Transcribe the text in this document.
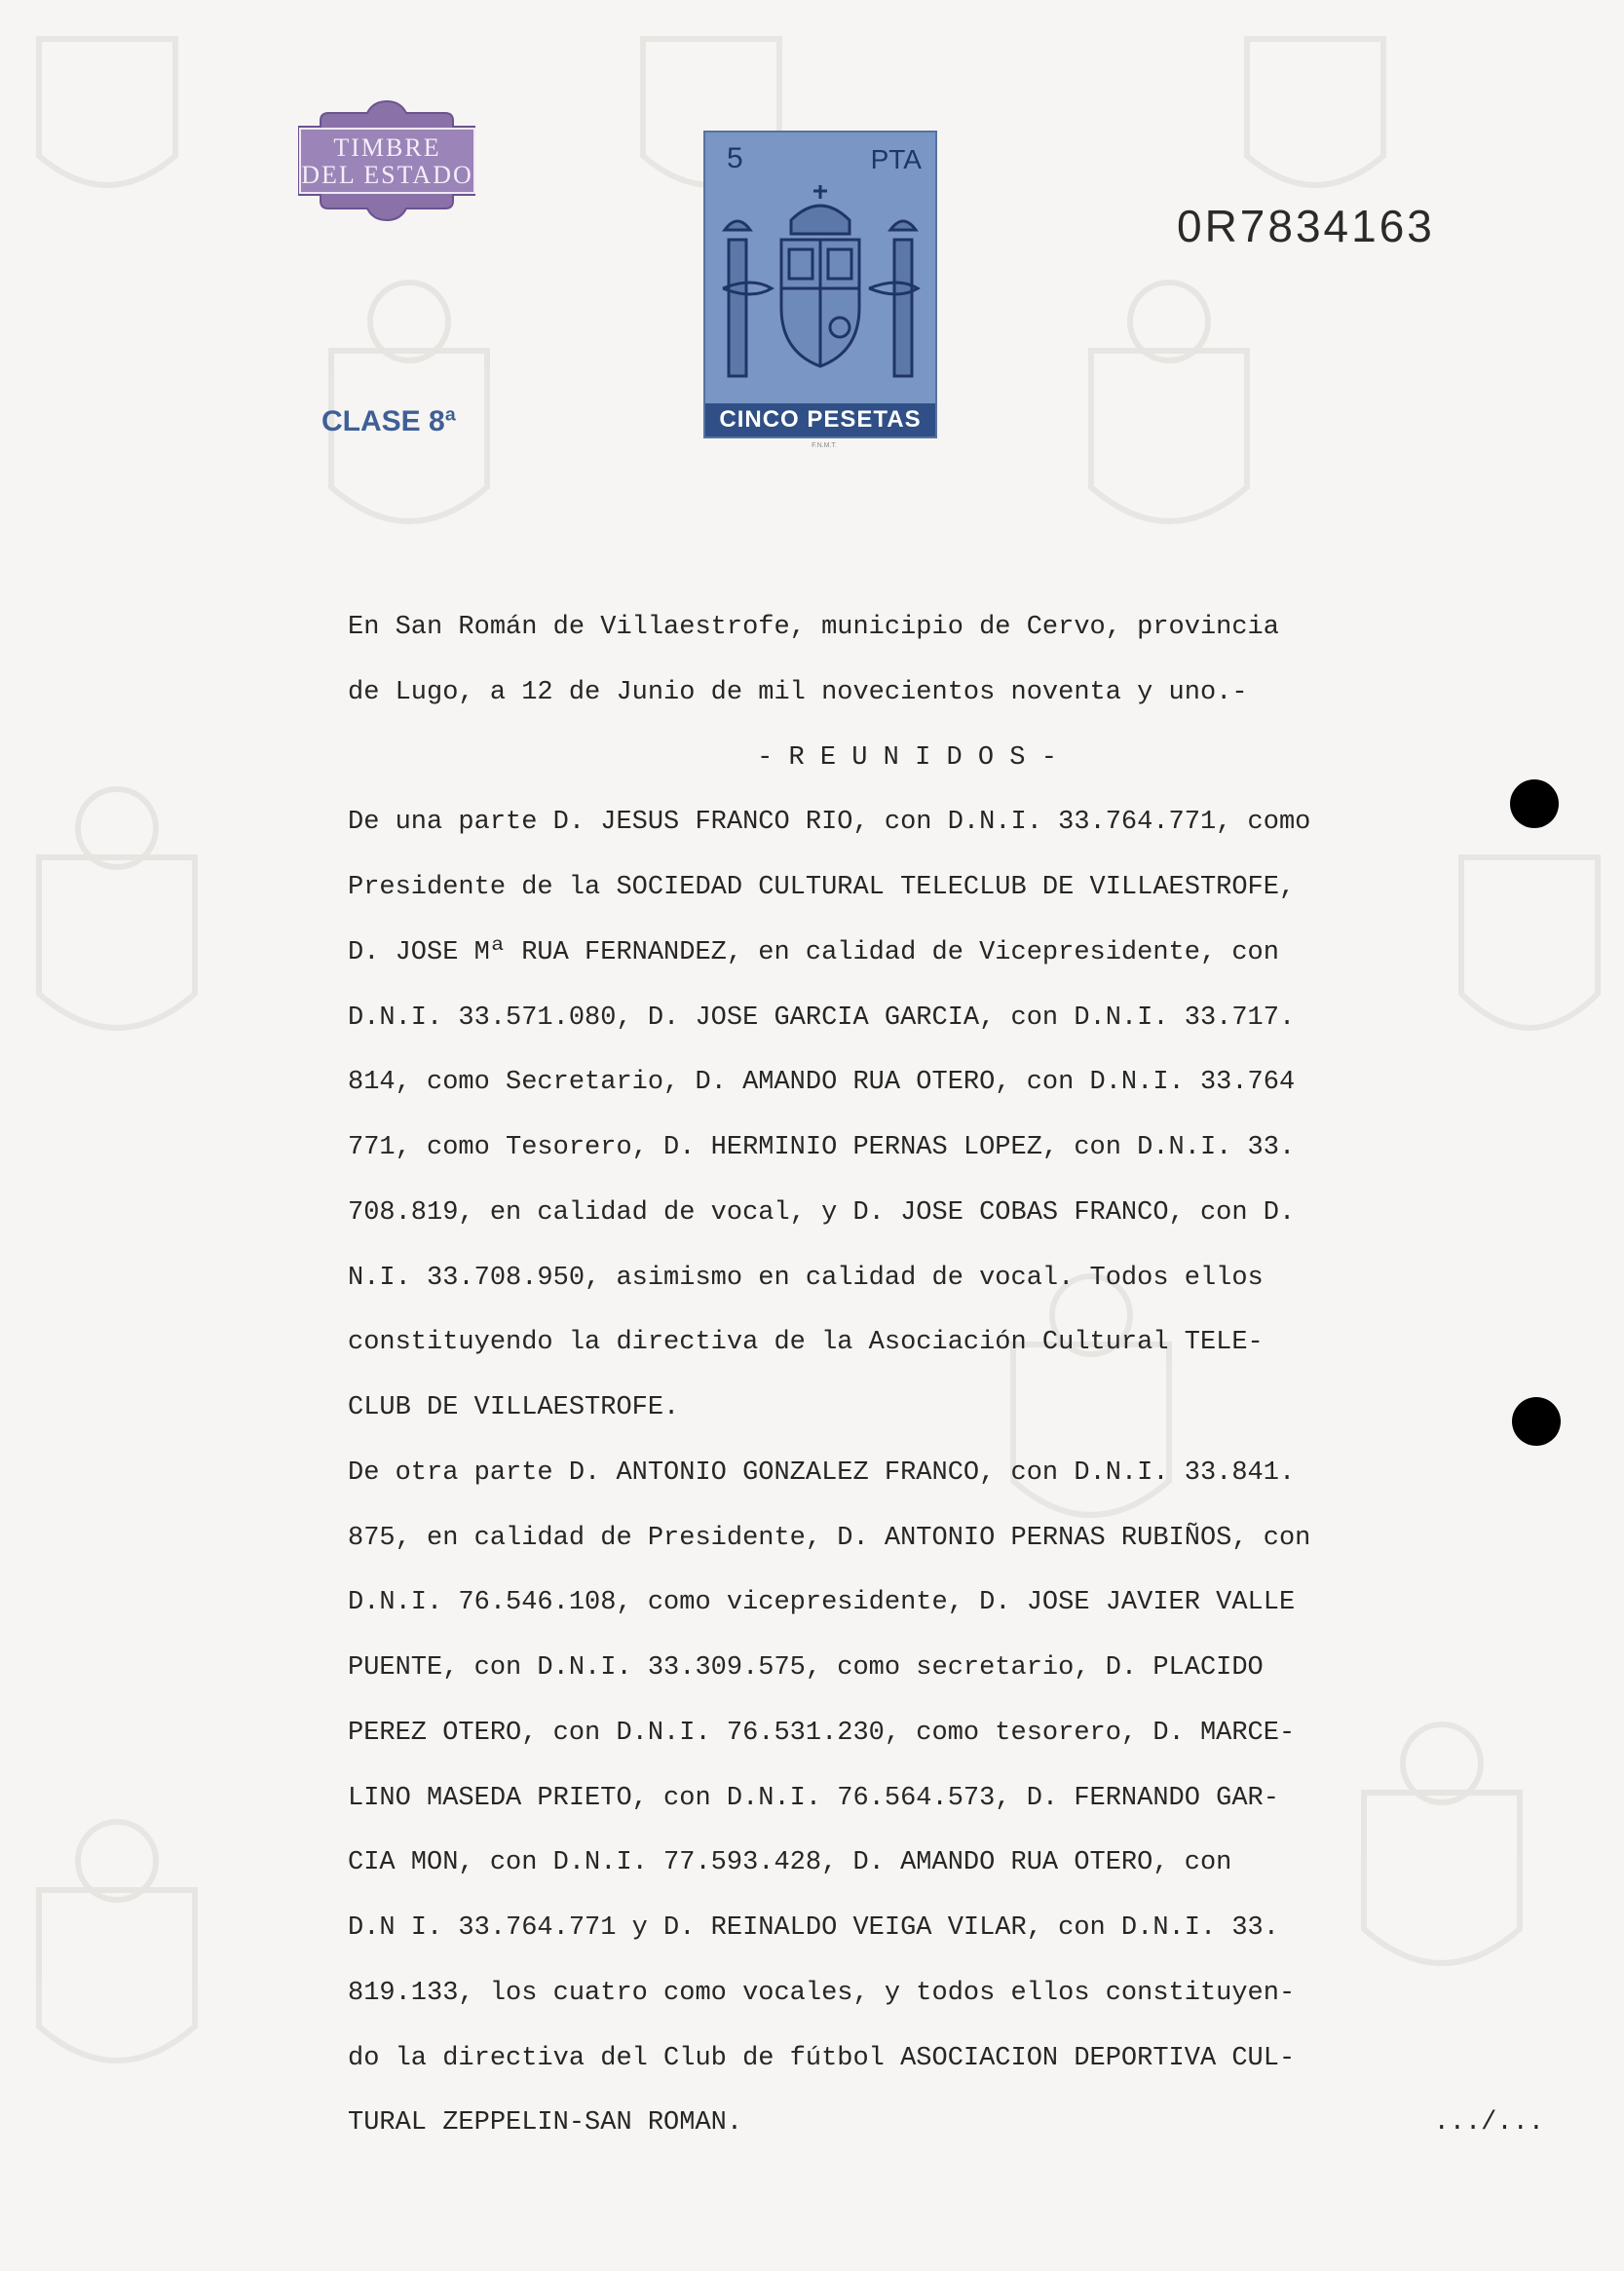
TIMBRE
DEL ESTADO
5	PTA
CINCO PESETAS
F.N.M.T.
0R7834163
CLASE 8ª
En San Román de Villaestrofe, municipio de Cervo, provincia
de Lugo, a 12 de Junio de mil novecientos noventa y uno.-
- R E U N I D O S -
De una parte D. JESUS FRANCO RIO, con D.N.I. 33.764.771, como
Presidente de la SOCIEDAD CULTURAL TELECLUB DE VILLAESTROFE,
D. JOSE Mª RUA FERNANDEZ, en calidad de Vicepresidente, con
D.N.I. 33.571.080, D. JOSE GARCIA GARCIA, con D.N.I. 33.717.
814, como Secretario, D. AMANDO RUA OTERO, con D.N.I. 33.764
771, como Tesorero, D. HERMINIO PERNAS LOPEZ, con D.N.I. 33.
708.819, en calidad de vocal, y D. JOSE COBAS FRANCO, con D.
N.I. 33.708.950, asimismo en calidad de vocal. Todos ellos
constituyendo la directiva de la Asociación Cultural TELE-
CLUB DE VILLAESTROFE.
De otra parte D. ANTONIO GONZALEZ FRANCO, con D.N.I. 33.841.
875, en calidad de Presidente, D. ANTONIO PERNAS RUBIÑOS, con
D.N.I. 76.546.108, como vicepresidente, D. JOSE JAVIER VALLE
PUENTE, con D.N.I. 33.309.575, como secretario, D. PLACIDO
PEREZ OTERO, con D.N.I. 76.531.230, como tesorero, D. MARCE-
LINO MASEDA PRIETO, con D.N.I. 76.564.573, D. FERNANDO GAR-
CIA MON, con D.N.I. 77.593.428, D. AMANDO RUA OTERO, con
D.N I. 33.764.771 y D. REINALDO VEIGA VILAR, con D.N.I. 33.
819.133, los cuatro como vocales, y todos ellos constituyen-
do la directiva del Club de fútbol ASOCIACION DEPORTIVA CUL-
TURAL ZEPPELIN-SAN ROMAN.	.../...
